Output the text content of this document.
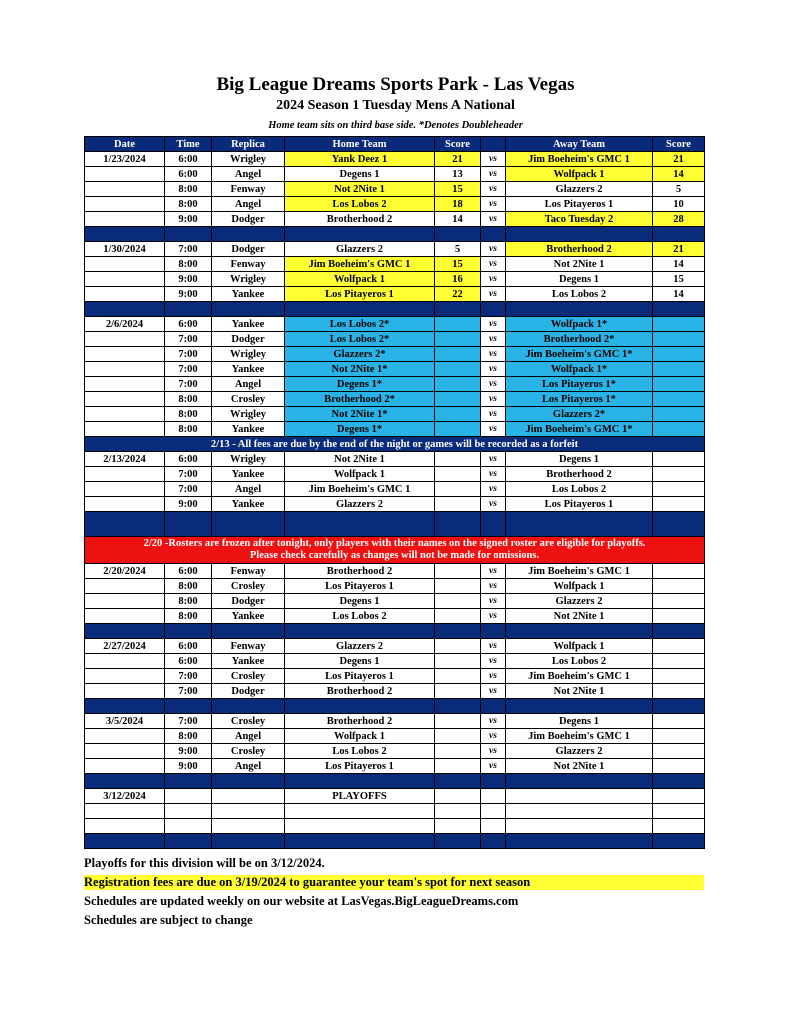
Big League Dreams Sports Park - Las Vegas
2024 Season 1 Tuesday Mens A National
Home team sits on third base side. *Denotes Doubleheader
Date	Time	Replica	Home Team	Score		Away Team	Score
1/23/2024	6:00	Wrigley	Yank Deez 1	21	vs	Jim Boeheim's GMC 1	21
	6:00	Angel	Degens 1	13	vs	Wolfpack 1	14
	8:00	Fenway	Not 2Nite 1	15	vs	Glazzers 2	5
	8:00	Angel	Los Lobos 2	18	vs	Los Pitayeros 1	10
	9:00	Dodger	Brotherhood 2	14	vs	Taco Tuesday 2	28

1/30/2024	7:00	Dodger	Glazzers 2	5	vs	Brotherhood 2	21
	8:00	Fenway	Jim Boeheim's GMC 1	15	vs	Not 2Nite 1	14
	9:00	Wrigley	Wolfpack 1	16	vs	Degens 1	15
	9:00	Yankee	Los Pitayeros 1	22	vs	Los Lobos 2	14

2/6/2024	6:00	Yankee	Los Lobos 2*		vs	Wolfpack 1*	
	7:00	Dodger	Los Lobos 2*		vs	Brotherhood 2*	
	7:00	Wrigley	Glazzers 2*		vs	Jim Boeheim's GMC 1*	
	7:00	Yankee	Not 2Nite 1*		vs	Wolfpack 1*	
	7:00	Angel	Degens 1*		vs	Los Pitayeros 1*	
	8:00	Crosley	Brotherhood 2*		vs	Los Pitayeros 1*	
	8:00	Wrigley	Not 2Nite 1*		vs	Glazzers 2*	
	8:00	Yankee	Degens 1*		vs	Jim Boeheim's GMC 1*	
2/13 - All fees are due by the end of the night or games will be recorded as a forfeit							
2/13/2024	6:00	Wrigley	Not 2Nite 1		vs	Degens 1	
	7:00	Yankee	Wolfpack 1		vs	Brotherhood 2	
	7:00	Angel	Jim Boeheim's GMC 1		vs	Los Lobos 2	
	9:00	Yankee	Glazzers 2		vs	Los Pitayeros 1	

2/20 -Rosters are frozen after tonight, only players with their names on the signed roster are eligible for playoffs.
Please check carefully as changes will not be made for omissions.							

2/20/2024	6:00	Fenway	Brotherhood 2		vs	Jim Boeheim's GMC 1	
	8:00	Crosley	Los Pitayeros 1		vs	Wolfpack 1	
	8:00	Dodger	Degens 1		vs	Glazzers 2	
	8:00	Yankee	Los Lobos 2		vs	Not 2Nite 1	

2/27/2024	6:00	Fenway	Glazzers 2		vs	Wolfpack 1	
	6:00	Yankee	Degens 1		vs	Los Lobos 2	
	7:00	Crosley	Los Pitayeros 1		vs	Jim Boeheim's GMC 1	
	7:00	Dodger	Brotherhood 2		vs	Not 2Nite 1	

3/5/2024	7:00	Crosley	Brotherhood 2		vs	Degens 1	
	8:00	Angel	Wolfpack 1		vs	Jim Boeheim's GMC 1	
	9:00	Crosley	Los Lobos 2		vs	Glazzers 2	
	9:00	Angel	Los Pitayeros 1		vs	Not 2Nite 1	

3/12/2024			PLAYOFFS				

Playoffs for this division will be on 3/12/2024.
Registration fees are due on 3/19/2024 to guarantee your team's spot for next season
Schedules are updated weekly on our website at LasVegas.BigLeagueDreams.com
Schedules are subject to change
